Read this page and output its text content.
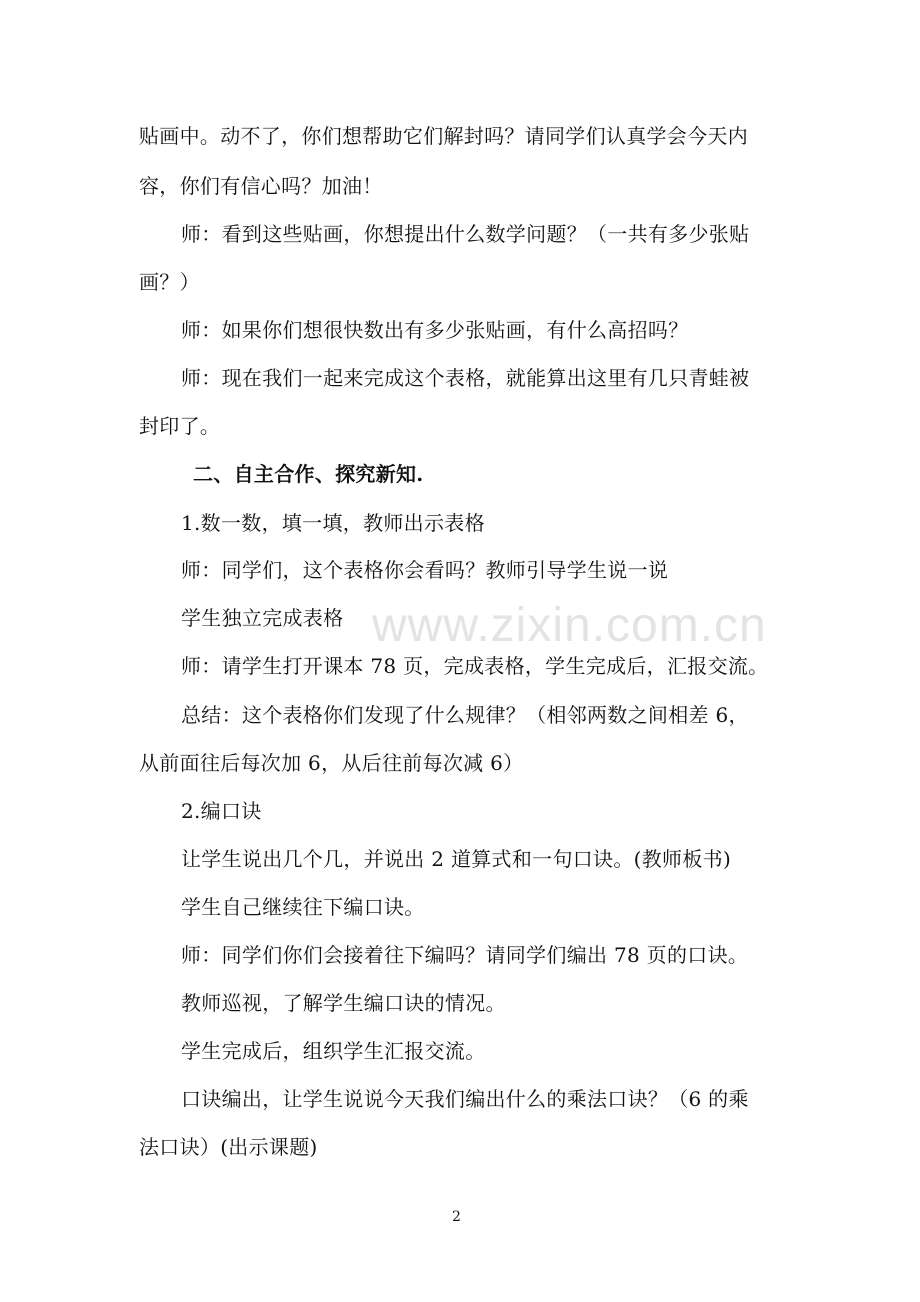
www.zixin.com.cn
贴画中。动不了，你们想帮助它们解封吗？请同学们认真学会今天内
容，你们有信心吗？加油！
师：看到这些贴画，你想提出什么数学问题？（一共有多少张贴
画？）
师：如果你们想很快数出有多少张贴画，有什么高招吗？
师：现在我们一起来完成这个表格，就能算出这里有几只青蛙被
封印了。
二、自主合作、探究新知.
1.数一数，填一填，教师出示表格
师：同学们，这个表格你会看吗？教师引导学生说一说
学生独立完成表格
师：请学生打开课本 78 页，完成表格，学生完成后，汇报交流。
总结：这个表格你们发现了什么规律？（相邻两数之间相差 6，
从前面往后每次加 6，从后往前每次减 6）
2.编口诀
让学生说出几个几，并说出 2 道算式和一句口诀。(教师板书)
学生自己继续往下编口诀。
师：同学们你们会接着往下编吗？请同学们编出 78 页的口诀。
教师巡视，了解学生编口诀的情况。
学生完成后，组织学生汇报交流。
口诀编出，让学生说说今天我们编出什么的乘法口诀？（6 的乘
法口诀）(出示课题)
2
